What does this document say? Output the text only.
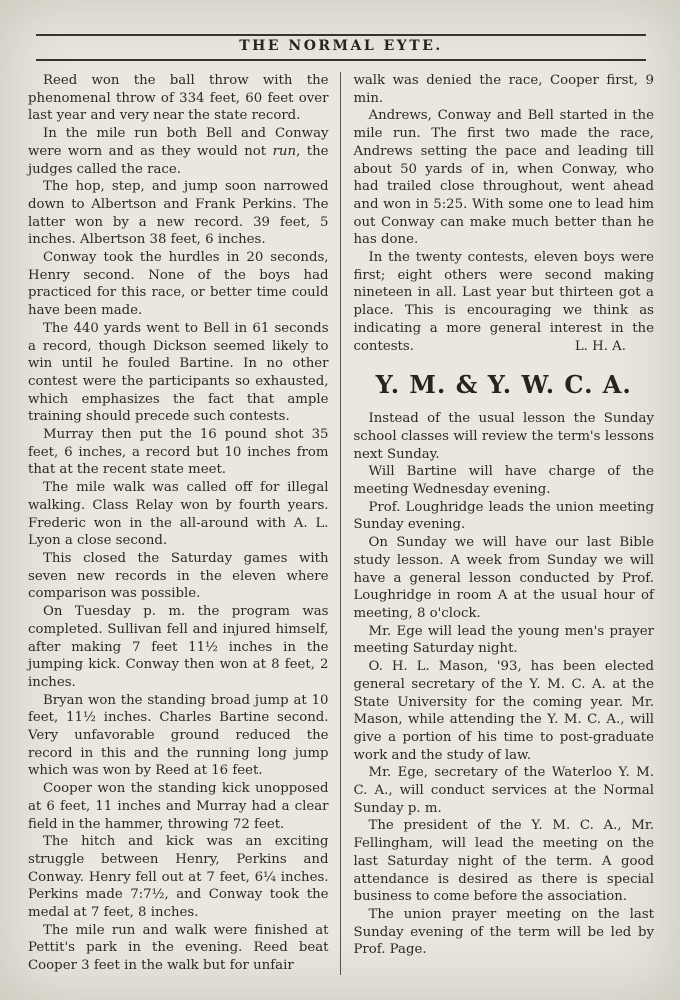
THE NORMAL EYTE.

Reed won the ball throw with the phenomenal throw of 334 feet, 60 feet over last year and very near the state record.

In the mile run both Bell and Conway were worn and as they would not run, the judges called the race.

The hop, step, and jump soon narrowed down to Albertson and Frank Perkins. The latter won by a new record. 39 feet, 5 inches. Albertson 38 feet, 6 inches.

Conway took the hurdles in 20 seconds, Henry second. None of the boys had practiced for this race, or better time could have been made.

The 440 yards went to Bell in 61 seconds a record, though Dickson seemed likely to win until he fouled Bartine. In no other contest were the participants so exhausted, which emphasizes the fact that ample training should precede such contests.

Murray then put the 16 pound shot 35 feet, 6 inches, a record but 10 inches from that at the recent state meet.

The mile walk was called off for illegal walking. Class Relay won by fourth years. Frederic won in the all-around with A. L. Lyon a close second.

This closed the Saturday games with seven new records in the eleven where comparison was possible.

On Tuesday p. m. the program was completed. Sullivan fell and injured himself, after making 7 feet 11½ inches in the jumping kick. Conway then won at 8 feet, 2 inches.

Bryan won the standing broad jump at 10 feet, 11½ inches. Charles Bartine second. Very unfavorable ground reduced the record in this and the running long jump which was won by Reed at 16 feet.

Cooper won the standing kick unopposed at 6 feet, 11 inches and Murray had a clear field in the hammer, throwing 72 feet.

The hitch and kick was an exciting struggle between Henry, Perkins and Conway. Henry fell out at 7 feet, 6¼ inches. Perkins made 7:7½, and Conway took the medal at 7 feet, 8 inches.

The mile run and walk were finished at Pettit's park in the evening. Reed beat Cooper 3 feet in the walk but for unfair

walk was denied the race, Cooper first, 9 min.

Andrews, Conway and Bell started in the mile run. The first two made the race, Andrews setting the pace and leading till about 50 yards of in, when Conway, who had trailed close throughout, went ahead and won in 5:25. With some one to lead him out Conway can make much better than he has done.

In the twenty contests, eleven boys were first; eight others were second making nineteen in all. Last year but thirteen got a place. This is encouraging we think as indicating a more general interest in the contests.	L. H. A.

Y. M. & Y. W. C. A.

Instead of the usual lesson the Sunday school classes will review the term's lessons next Sunday.

Will Bartine will have charge of the meeting Wednesday evening.

Prof. Loughridge leads the union meeting Sunday evening.

On Sunday we will have our last Bible study lesson. A week from Sunday we will have a general lesson conducted by Prof. Loughridge in room A at the usual hour of meeting, 8 o'clock.

Mr. Ege will lead the young men's prayer meeting Saturday night.

O. H. L. Mason, '93, has been elected general secretary of the Y. M. C. A. at the State University for the coming year. Mr. Mason, while attending the Y. M. C. A., will give a portion of his time to post-graduate work and the study of law.

Mr. Ege, secretary of the Waterloo Y. M. C. A., will conduct services at the Normal Sunday p. m.

The president of the Y. M. C. A., Mr. Fellingham, will lead the meeting on the last Saturday night of the term. A good attendance is desired as there is special business to come before the association.

The union prayer meeting on the last Sunday evening of the term will be led by Prof. Page.
